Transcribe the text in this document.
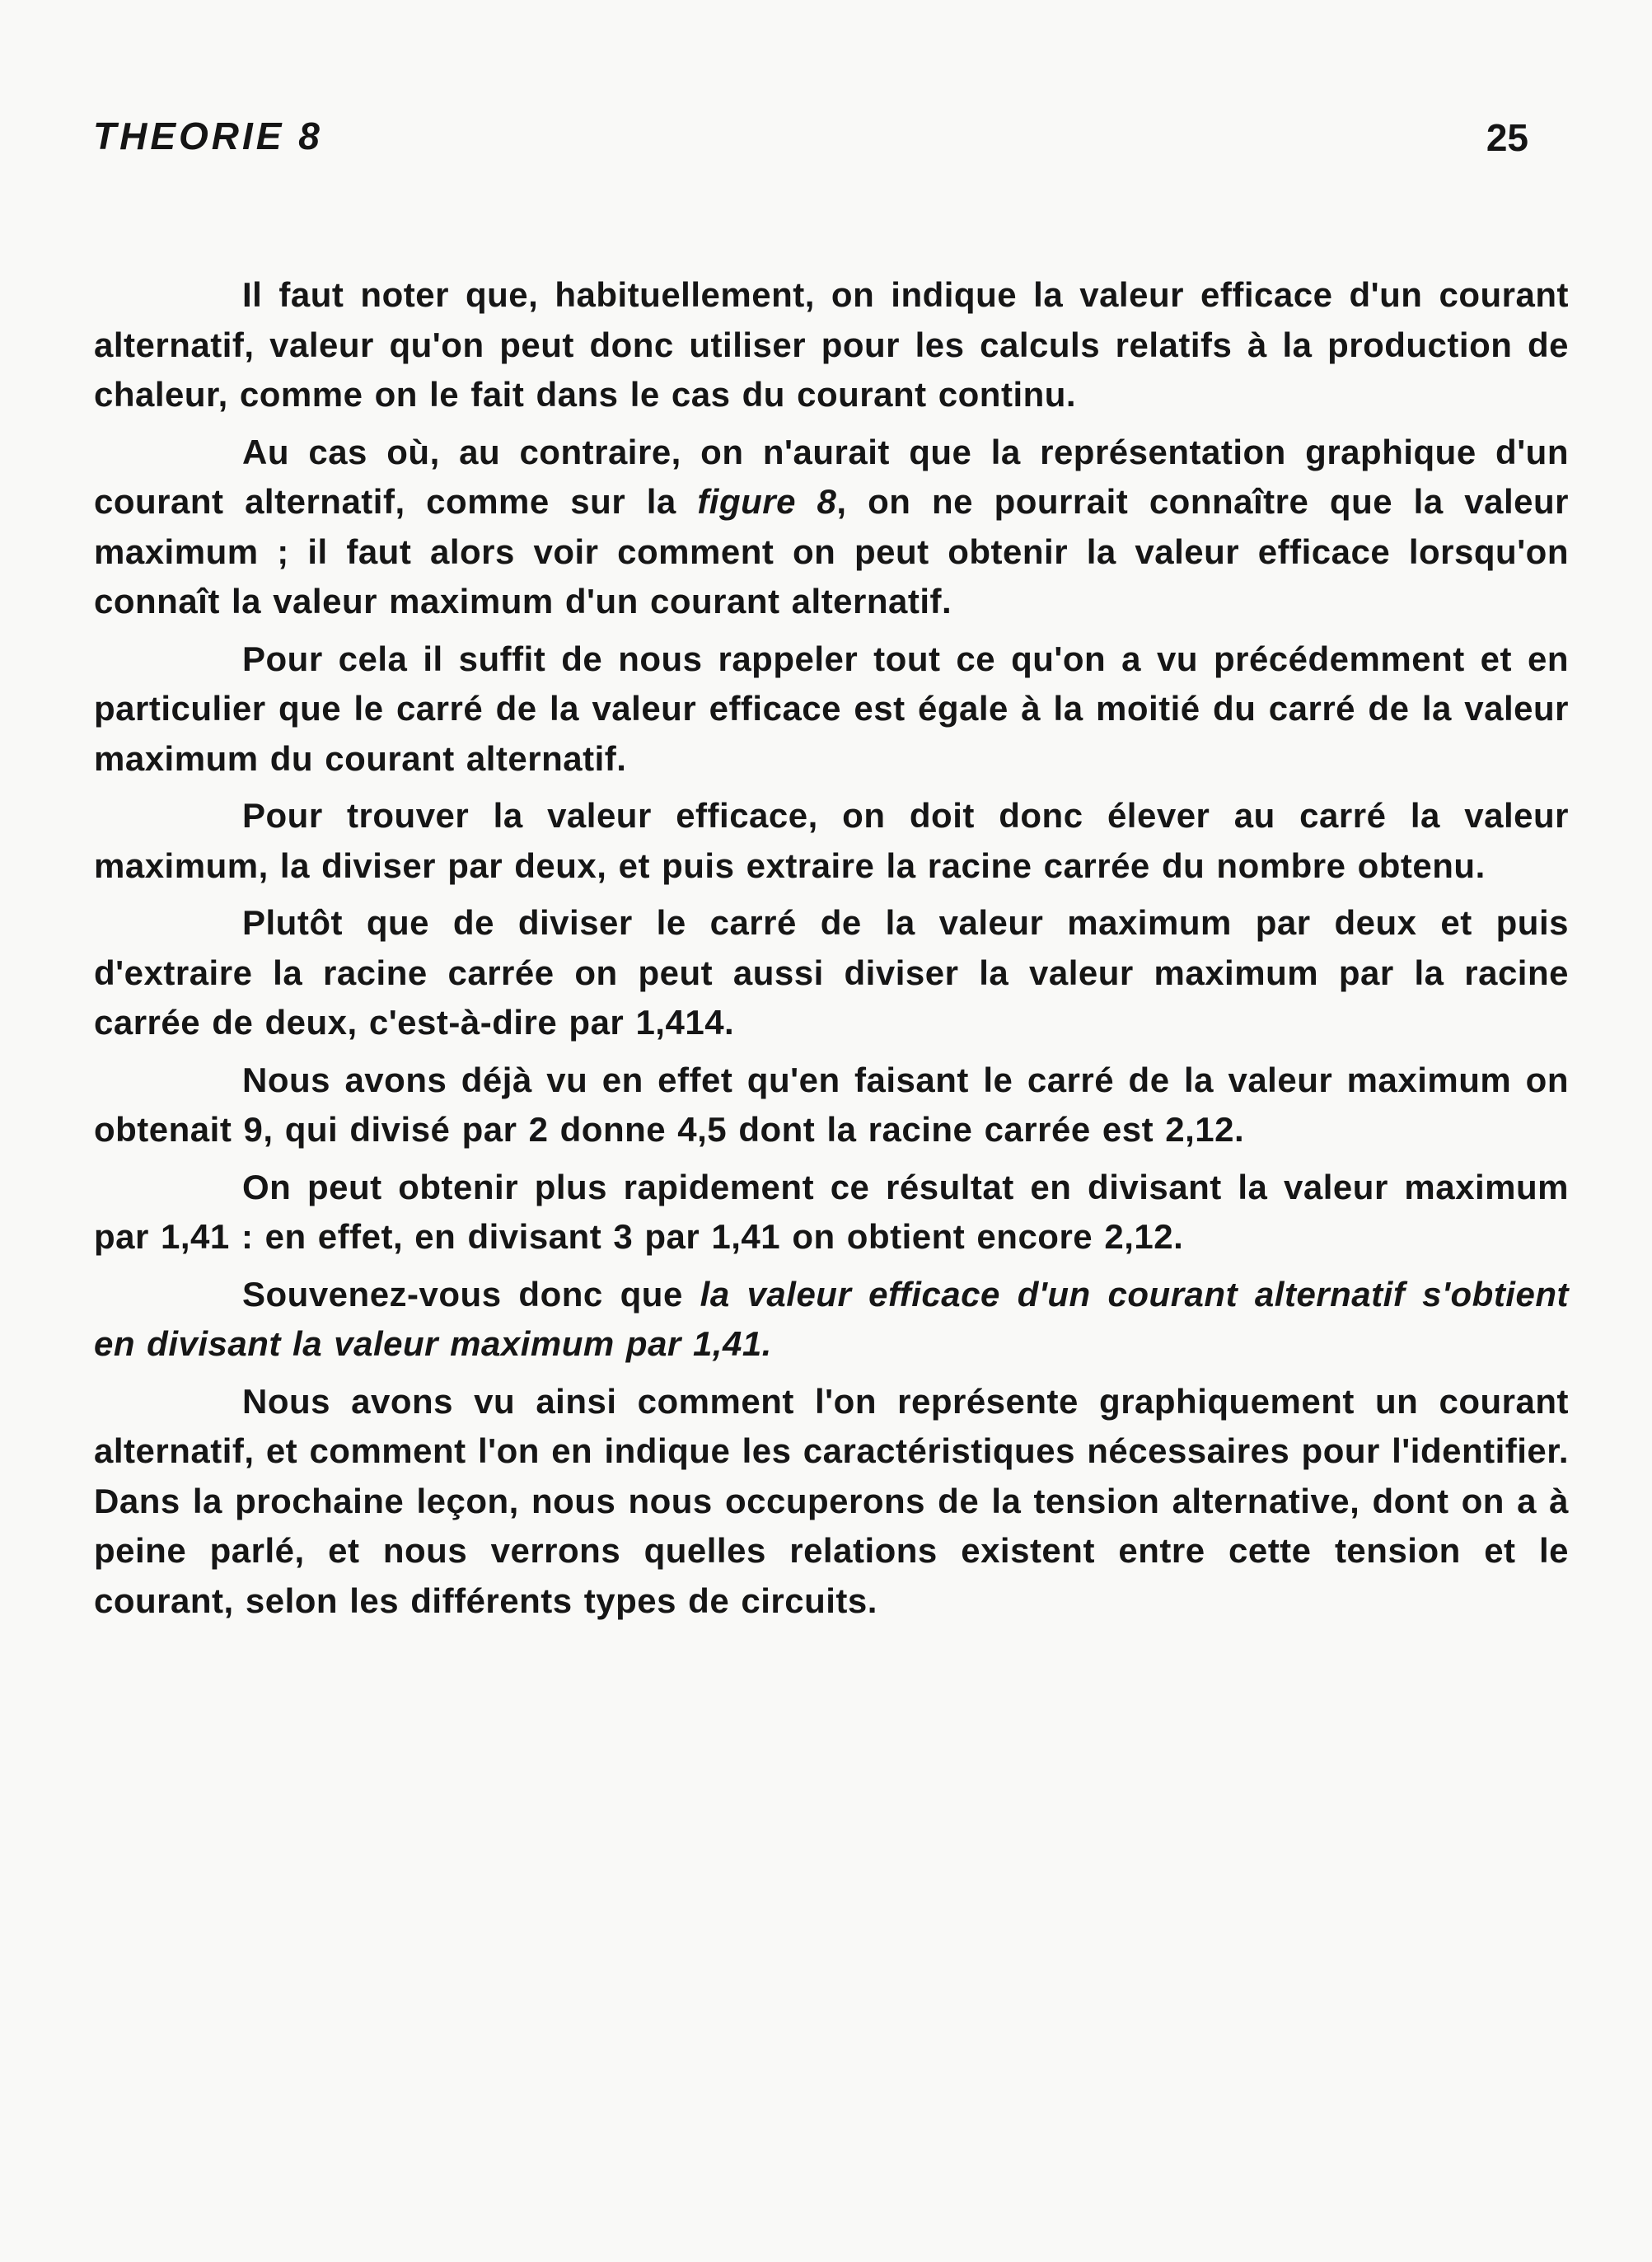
THEORIE 8	25

Il faut noter que, habituellement, on indique la valeur efficace d'un courant alternatif, valeur qu'on peut donc utiliser pour les calculs relatifs à la production de chaleur, comme on le fait dans le cas du courant continu.

Au cas où, au contraire, on n'aurait que la représentation graphique d'un courant alternatif, comme sur la figure 8, on ne pourrait connaître que la valeur maximum ; il faut alors voir comment on peut obtenir la valeur efficace lorsqu'on connaît la valeur maximum d'un courant alternatif.

Pour cela il suffit de nous rappeler tout ce qu'on a vu précédemment et en particulier que le carré de la valeur efficace est égale à la moitié du carré de la valeur maximum du courant alternatif.

Pour trouver la valeur efficace, on doit donc élever au carré la valeur maximum, la diviser par deux, et puis extraire la racine carrée du nombre obtenu.

Plutôt que de diviser le carré de la valeur maximum par deux et puis d'extraire la racine carrée on peut aussi diviser la valeur maximum par la racine carrée de deux, c'est-à-dire par 1,414.

Nous avons déjà vu en effet qu'en faisant le carré de la valeur maximum on obtenait 9, qui divisé par 2 donne 4,5 dont la racine carrée est 2,12.

On peut obtenir plus rapidement ce résultat en divisant la valeur maximum par 1,41 : en effet, en divisant 3 par 1,41 on obtient encore 2,12.

Souvenez-vous donc que la valeur efficace d'un courant alternatif s'obtient en divisant la valeur maximum par 1,41.

Nous avons vu ainsi comment l'on représente graphiquement un courant alternatif, et comment l'on en indique les caractéristiques nécessaires pour l'identifier. Dans la prochaine leçon, nous nous occuperons de la tension alternative, dont on a à peine parlé, et nous verrons quelles relations existent entre cette tension et le courant, selon les différents types de circuits.
